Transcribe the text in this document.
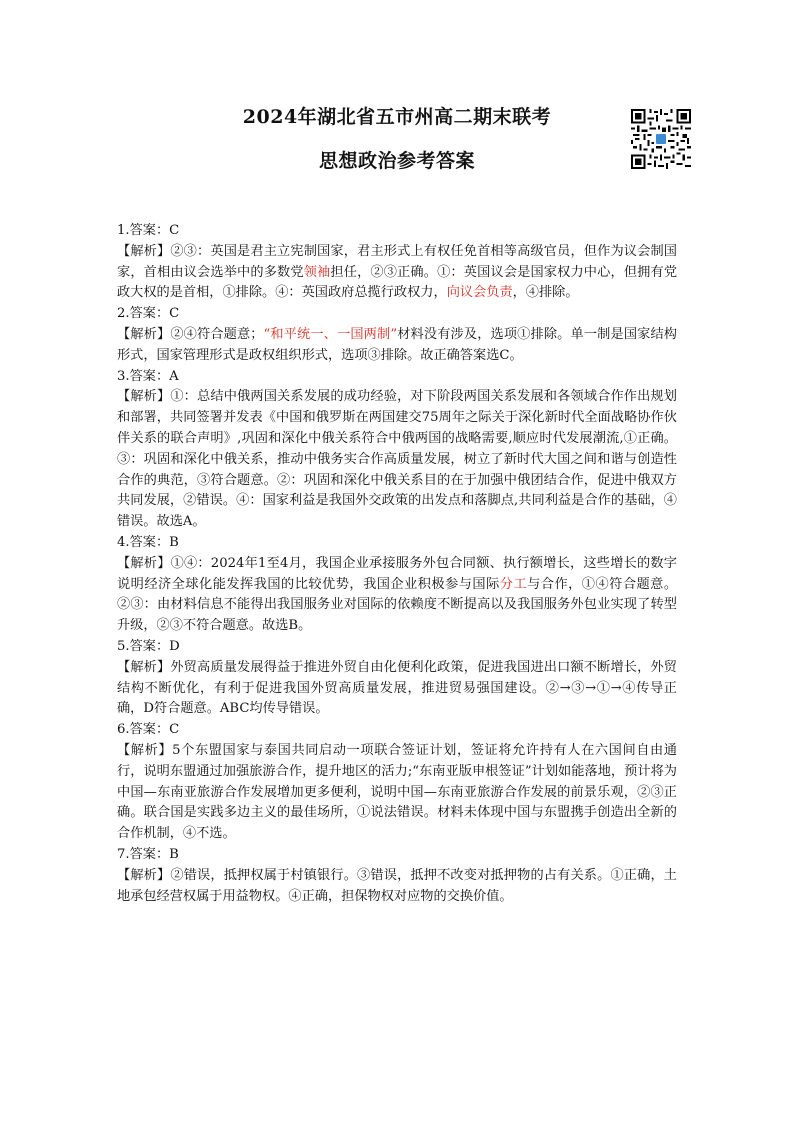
2024年湖北省五市州高二期末联考
思想政治参考答案

1.答案：C

【解析】②③：英国是君主立宪制国家，君主形式上有权任免首相等高级官员，但作为议会制国家，首相由议会选举中的多数党领袖担任，②③正确。①：英国议会是国家权力中心，但拥有党政大权的是首相，①排除。④：英国政府总揽行政权力，向议会负责，④排除。

2.答案：C

【解析】②④符合题意；“和平统一、一国两制”材料没有涉及，选项①排除。单一制是国家结构形式，国家管理形式是政权组织形式，选项③排除。故正确答案选C。

3.答案：A

【解析】①：总结中俄两国关系发展的成功经验，对下阶段两国关系发展和各领域合作作出规划和部署，共同签署并发表《中国和俄罗斯在两国建交75周年之际关于深化新时代全面战略协作伙伴关系的联合声明》,巩固和深化中俄关系符合中俄两国的战略需要,顺应时代发展潮流,①正确。③：巩固和深化中俄关系，推动中俄务实合作高质量发展，树立了新时代大国之间和谐与创造性合作的典范，③符合题意。②：巩固和深化中俄关系目的在于加强中俄团结合作，促进中俄双方共同发展，②错误。④：国家利益是我国外交政策的出发点和落脚点,共同利益是合作的基础，④错误。故选A。

4.答案：B

【解析】①④：2024年1至4月，我国企业承接服务外包合同额、执行额增长，这些增长的数字说明经济全球化能发挥我国的比较优势，我国企业积极参与国际分工与合作，①④符合题意。②③：由材料信息不能得出我国服务业对国际的依赖度不断提高以及我国服务外包业实现了转型升级，②③不符合题意。故选B。

5.答案：D

【解析】外贸高质量发展得益于推进外贸自由化便利化政策，促进我国进出口额不断增长，外贸结构不断优化，有利于促进我国外贸高质量发展，推进贸易强国建设。②→③→①→④传导正确，D符合题意。ABC均传导错误。

6.答案：C

【解析】5个东盟国家与泰国共同启动一项联合签证计划，签证将允许持有人在六国间自由通行，说明东盟通过加强旅游合作，提升地区的活力;“东南亚版申根签证”计划如能落地，预计将为中国—东南亚旅游合作发展增加更多便利，说明中国—东南亚旅游合作发展的前景乐观，②③正确。联合国是实践多边主义的最佳场所，①说法错误。材料未体现中国与东盟携手创造出全新的合作机制，④不选。

7.答案：B

【解析】②错误，抵押权属于村镇银行。③错误，抵押不改变对抵押物的占有关系。①正确，土地承包经营权属于用益物权。④正确，担保物权对应物的交换价值。
